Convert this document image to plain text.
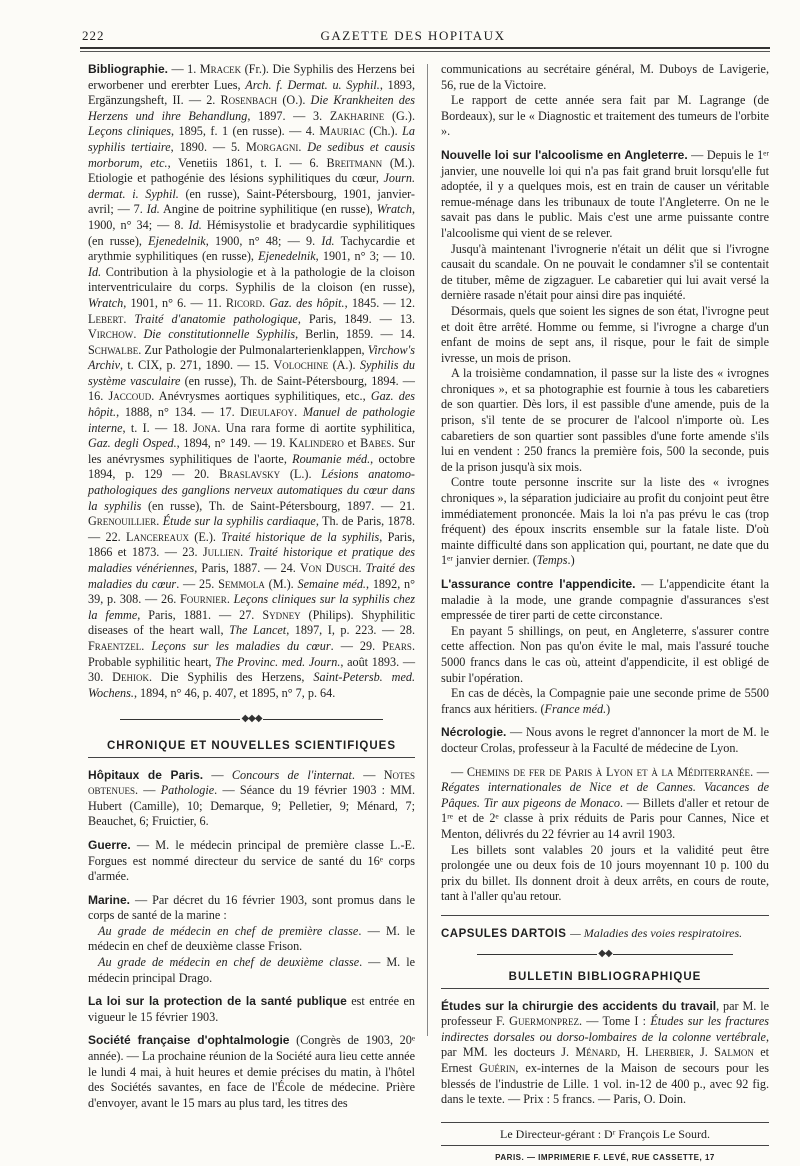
222	GAZETTE DES HOPITAUX

Bibliographie. — 1. Mracek (Fr.). Die Syphilis des Herzens bei erworbener und ererbter Lues, Arch. f. Dermat. u. Syphil., 1893, Ergänzungsheft, II. — 2. Rosenbach (O.). Die Krankheiten des Herzens und ihre Behandlung, 1897. — 3. Zakharine (G.). Leçons cliniques, 1895, f. 1 (en russe). — 4. Mauriac (Ch.). La syphilis tertiaire, 1890. — 5. Morgagni. De sedibus et causis morborum, etc., Venetiis 1861, t. I. — 6. Breitmann (M.). Etiologie et pathogénie des lésions syphilitiques du cœur, Journ. dermat. i. Syphil. (en russe), Saint-Pétersbourg, 1901, janvier-avril; — 7. Id. Angine de poitrine syphilitique (en russe), Wratch, 1900, n° 34; — 8. Id. Hémisystolie et bradycardie syphilitiques (en russe), Ejenedelnik, 1900, n° 48; — 9. Id. Tachycardie et arythmie syphilitiques (en russe), Ejenedelnik, 1901, n° 3; — 10. Id. Contribution à la physiologie et à la pathologie de la cloison interventriculaire du corps. Syphilis de la cloison (en russe), Wratch, 1901, n° 6. — 11. Ricord. Gaz. des hôpit., 1845. — 12. Lebert. Traité d'anatomie pathologique, Paris, 1849. — 13. Virchow. Die constitutionnelle Syphilis, Berlin, 1859. — 14. Schwalbe. Zur Pathologie der Pulmonalarterienklappen, Virchow's Archiv, t. CIX, p. 271, 1890. — 15. Volochine (A.). Syphilis du système vasculaire (en russe), Th. de Saint-Pétersbourg, 1894. — 16. Jaccoud. Anévrysmes aortiques syphilitiques, etc., Gaz. des hôpit., 1888, n° 134. — 17. Dieulafoy. Manuel de pathologie interne, t. I. — 18. Jona. Una rara forme di aortite syphilitica, Gaz. degli Osped., 1894, n° 149. — 19. Kalindero et Babes. Sur les anévrysmes syphilitiques de l'aorte, Roumanie méd., octobre 1894, p. 129 — 20. Braslavsky (L.). Lésions anatomo-pathologiques des ganglions nerveux automatiques du cœur dans la syphilis (en russe), Th. de Saint-Pétersbourg, 1897. — 21. Grenouillier. Étude sur la syphilis cardiaque, Th. de Paris, 1878. — 22. Lancereaux (E.). Traité historique de la syphilis, Paris, 1866 et 1873. — 23. Jullien. Traité historique et pratique des maladies vénériennes, Paris, 1887. — 24. Von Dusch. Traité des maladies du cœur. — 25. Semmola (M.). Semaine méd., 1892, n° 39, p. 308. — 26. Fournier. Leçons cliniques sur la syphilis chez la femme, Paris, 1881. — 27. Sydney (Philips). Shyphilitic diseases of the heart wall, The Lancet, 1897, I, p. 223. — 28. Fraentzel. Leçons sur les maladies du cœur. — 29. Pears. Probable syphilitic heart, The Provinc. med. Journ., août 1893. — 30. Dehiok. Die Syphilis des Herzens, Saint-Petersb. med. Wochens., 1894, n° 46, p. 407, et 1895, n° 7, p. 64.

◆◆◆
CHRONIQUE ET NOUVELLES SCIENTIFIQUES

Hôpitaux de Paris. — Concours de l'internat. — Notes obtenues. — Pathologie. — Séance du 19 février 1903 : MM. Hubert (Camille), 10; Demarque, 9; Pelletier, 9; Ménard, 7; Beauchet, 6; Fruictier, 6.

Guerre. — M. le médecin principal de première classe L.-E. Forgues est nommé directeur du service de santé du 16ᵉ corps d'armée.

Marine. — Par décret du 16 février 1903, sont promus dans le corps de santé de la marine :

Au grade de médecin en chef de première classe. — M. le médecin en chef de deuxième classe Frison.

Au grade de médecin en chef de deuxième classe. — M. le médecin principal Drago.

La loi sur la protection de la santé publique est entrée en vigueur le 15 février 1903.

Société française d'ophtalmologie (Congrès de 1903, 20ᵉ année). — La prochaine réunion de la Société aura lieu cette année le lundi 4 mai, à huit heures et demie précises du matin, à l'hôtel des Sociétés savantes, en face de l'École de médecine. Prière d'envoyer, avant le 15 mars au plus tard, les titres des

communications au secrétaire général, M. Duboys de Lavigerie, 56, rue de la Victoire.

Le rapport de cette année sera fait par M. Lagrange (de Bordeaux), sur le « Diagnostic et traitement des tumeurs de l'orbite ».

Nouvelle loi sur l'alcoolisme en Angleterre. — Depuis le 1ᵉʳ janvier, une nouvelle loi qui n'a pas fait grand bruit lorsqu'elle fut adoptée, il y a quelques mois, est en train de causer un véritable remue-ménage dans les tribunaux de toute l'Angleterre. On ne le savait pas dans le public. Mais c'est une arme puissante contre l'alcoolisme qui vient de se relever.

Jusqu'à maintenant l'ivrognerie n'était un délit que si l'ivrogne causait du scandale. On ne pouvait le condamner s'il se contentait de tituber, même de zigzaguer. Le cabaretier qui lui avait versé la dernière rasade n'était pour ainsi dire pas inquiété.

Désormais, quels que soient les signes de son état, l'ivrogne peut et doit être arrêté. Homme ou femme, si l'ivrogne a charge d'un enfant de moins de sept ans, il risque, pour le fait de simple ivresse, un mois de prison.

A la troisième condamnation, il passe sur la liste des « ivrognes chroniques », et sa photographie est fournie à tous les cabaretiers de son quartier. Dès lors, il est passible d'une amende, puis de la prison, s'il tente de se procurer de l'alcool n'importe où. Les cabaretiers de son quartier sont passibles d'une forte amende s'ils lui en vendent : 250 francs la première fois, 500 la seconde, puis de la prison jusqu'à six mois.

Contre toute personne inscrite sur la liste des « ivrognes chroniques », la séparation judiciaire au profit du conjoint peut être immédiatement prononcée. Mais la loi n'a pas prévu le cas (trop fréquent) des époux inscrits ensemble sur la fatale liste. D'où mainte difficulté dans son application qui, pourtant, ne date que du 1ᵉʳ janvier dernier. (Temps.)

L'assurance contre l'appendicite. — L'appendicite étant la maladie à la mode, une grande compagnie d'assurances s'est empressée de tirer parti de cette circonstance.

En payant 5 shillings, on peut, en Angleterre, s'assurer contre cette affection. Non pas qu'on évite le mal, mais l'assuré touche 5000 francs dans le cas où, atteint d'appendicite, il est obligé de subir l'opération.

En cas de décès, la Compagnie paie une seconde prime de 5500 francs aux héritiers. (France méd.)

Nécrologie. — Nous avons le regret d'annoncer la mort de M. le docteur Crolas, professeur à la Faculté de médecine de Lyon.

— Chemins de fer de Paris à Lyon et à la Méditerranée. — Régates internationales de Nice et de Cannes. Vacances de Pâques. Tir aux pigeons de Monaco. — Billets d'aller et retour de 1ʳᵉ et de 2ᵉ classe à prix réduits de Paris pour Cannes, Nice et Menton, délivrés du 22 février au 14 avril 1903.

Les billets sont valables 20 jours et la validité peut être prolongée une ou deux fois de 10 jours moyennant 10 p. 100 du prix du billet. Ils donnent droit à deux arrêts, en cours de route, tant à l'aller qu'au retour.

CAPSULES DARTOIS — Maladies des voies respiratoires.
◆◆
BULLETIN BIBLIOGRAPHIQUE

Études sur la chirurgie des accidents du travail, par M. le professeur F. Guermonprez. — Tome I : Études sur les fractures indirectes dorsales ou dorso-lombaires de la colonne vertébrale, par MM. les docteurs J. Ménard, H. Lherbier, J. Salmon et Ernest Guérin, ex-internes de la Maison de secours pour les blessés de l'industrie de Lille. 1 vol. in-12 de 400 p., avec 92 fig. dans le texte. — Prix : 5 francs. — Paris, O. Doin.

Le Directeur-gérant : Dʳ François Le Sourd.
PARIS. — IMPRIMERIE F. LEVÉ, RUE CASSETTE, 17
